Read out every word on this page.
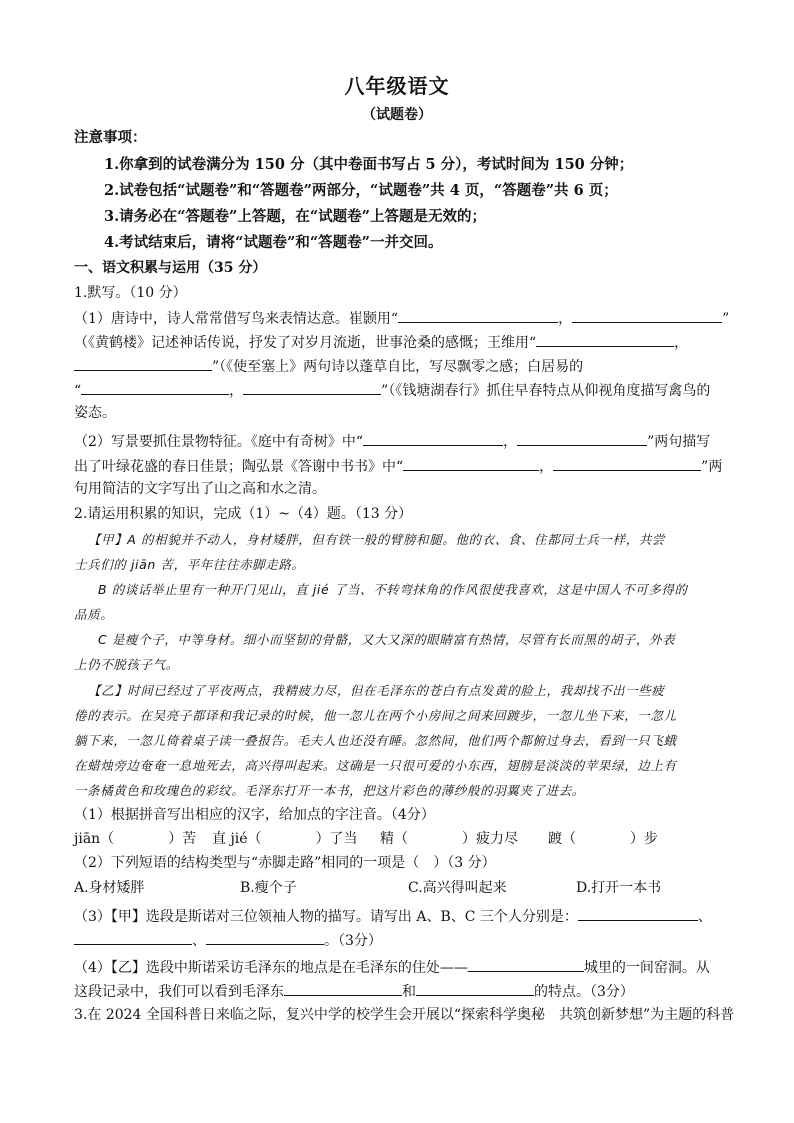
八年级语文
（试题卷）
注意事项：
1.你拿到的试卷满分为 150 分（其中卷面书写占 5 分），考试时间为 150 分钟；
2.试卷包括“试题卷”和“答题卷”两部分，“试题卷”共 4 页，“答题卷”共 6 页；
3.请务必在“答题卷”上答题，在“试题卷”上答题是无效的；
4.考试结束后，请将“试题卷”和“答题卷”一并交回。
一、语文积累与运用（35 分）
1.默写。（10 分）
（1）唐诗中，诗人常常借写鸟来表情达意。崔颢用“	，	”
（《黄鹤楼》记述神话传说，抒发了对岁月流逝，世事沧桑的感慨；王维用“	，
”（《使至塞上》两句诗以蓬草自比，写尽飘零之感；白居易的
“	，	”（《钱塘湖春行》抓住早春特点从仰视角度描写禽鸟的
姿态。
（2）写景要抓住景物特征。《庭中有奇树》中“	，	”两句描写
出了叶绿花盛的春日佳景；陶弘景《答谢中书书》中“	，	”两
句用简洁的文字写出了山之高和水之清。
2.请运用积累的知识，完成（1）~（4）题。（13 分）
【甲】A 的相貌并不动人，身材矮胖，但有铁一般的臂膀和腿。他的衣、食、住都同士兵一样，共尝
士兵们的 jiān 苦，平年往往赤脚走路。
B 的谈话举止里有一种开门见山，直 jié 了当、不转弯抹角的作风很使我喜欢，这是中国人不可多得的
品质。
C 是瘦个子，中等身材。细小而坚韧的骨骼，又大又深的眼睛富有热情，尽管有长而黑的胡子，外表
上仍不脱孩子气。
【乙】时间已经过了平夜两点，我精疲力尽，但在毛泽东的苍白有点发黄的脸上，我却找不出一些疲
倦的表示。在吴亮子都译和我记录的时候，他一忽儿在两个小房间之间来回踱步，一忽儿坐下来，一忽儿
躺下来，一忽儿倚着桌子读一叠报告。毛夫人也还没有睡。忽然间，他们两个都俯过身去，看到一只飞蛾
在蜡烛旁边奄奄一息地死去，高兴得叫起来。这确是一只很可爱的小东西，翅膀是淡淡的苹果绿，边上有
一条橘黄色和玫瑰色的彩纹。毛泽东打开一本书，把这片彩色的薄纱般的羽翼夹了进去。
（1）根据拼音写出相应的汉字，给加点的字注音。（4分）
jiān（	）苦 直 jié（	）了当 精（	）疲力尽 踱（	）步
（2）下列短语的结构类型与“赤脚走路”相同的一项是（　）（3 分）
A.身材矮胖	B.瘦个子	C.高兴得叫起来	D.打开一本书
（3）【甲】选段是斯诺对三位领袖人物的描写。请写出 A、B、C 三个人分别是：	、
、	。（3分）
（4）【乙】选段中斯诺采访毛泽东的地点是在毛泽东的住处——	城里的一间窑洞。从
这段记录中，我们可以看到毛泽东	和	的特点。（3分）
3.在 2024 全国科普日来临之际，复兴中学的校学生会开展以“探索科学奥秘　共筑创新梦想”为主题的科普
